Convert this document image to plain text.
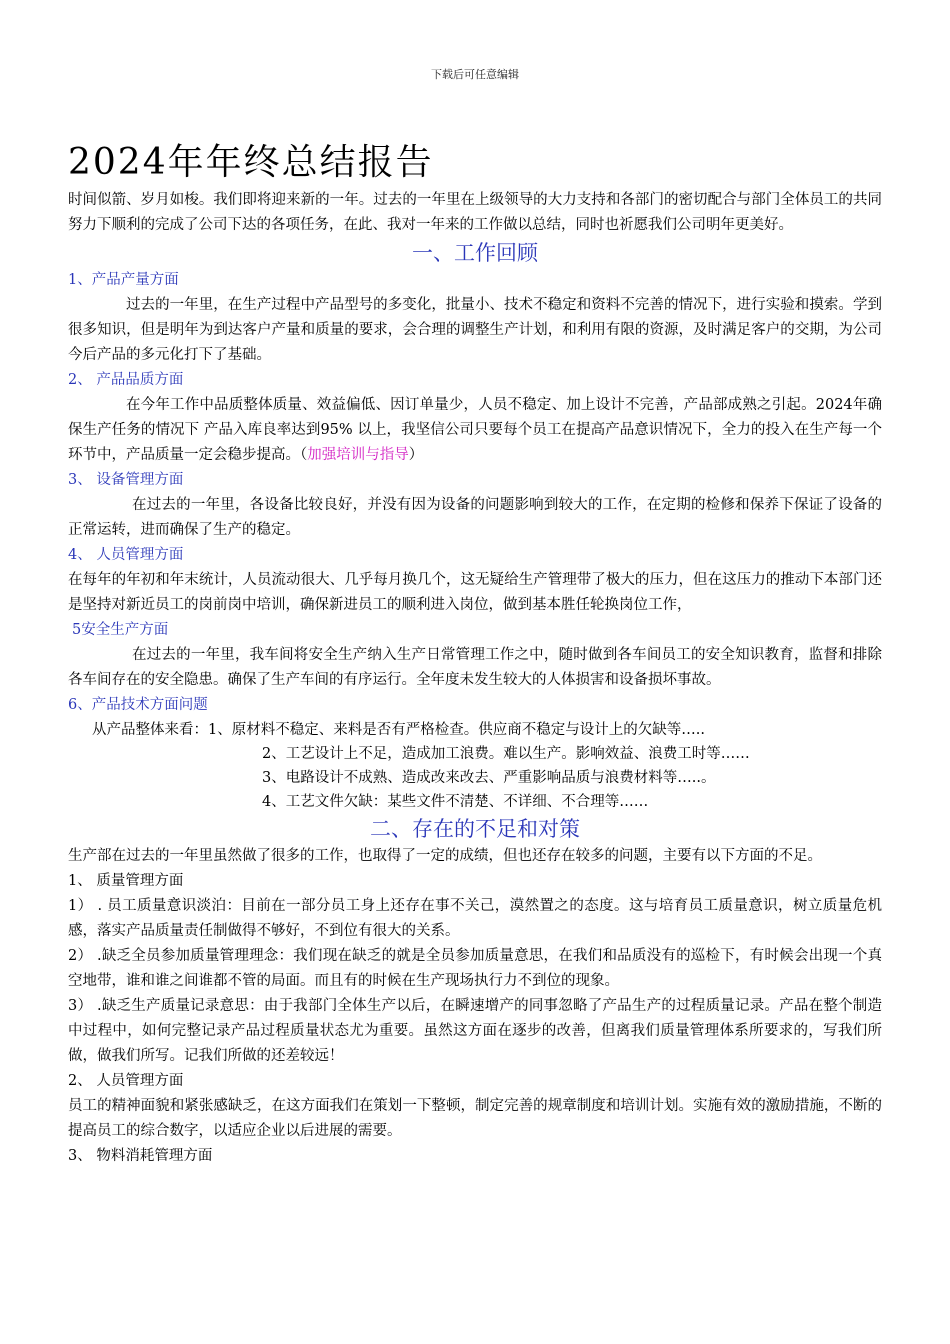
下载后可任意编辑
2024年年终总结报告

时间似箭、岁月如梭。我们即将迎来新的一年。过去的一年里在上级领导的大力支持和各部门的密切配合与部门全体员工的共同努力下顺利的完成了公司下达的各项任务，在此、我对一年来的工作做以总结，同时也祈愿我们公司明年更美好。

一、工作回顾
1、产品产量方面

过去的一年里，在生产过程中产品型号的多变化，批量小、技术不稳定和资料不完善的情况下，进行实验和摸索。学到很多知识，但是明年为到达客户产量和质量的要求，会合理的调整生产计划，和利用有限的资源，及时满足客户的交期，为公司今后产品的多元化打下了基础。

2、 产品品质方面

在今年工作中品质整体质量、效益偏低、因订单量少，人员不稳定、加上设计不完善，产品部成熟之引起。2024年确保生产任务的情况下 产品入库良率达到95% 以上，我坚信公司只要每个员工在提高产品意识情况下，全力的投入在生产每一个环节中，产品质量一定会稳步提高。（加强培训与指导）

3、 设备管理方面

在过去的一年里，各设备比较良好，并没有因为设备的问题影响到较大的工作，在定期的检修和保养下保证了设备的正常运转，进而确保了生产的稳定。

4、 人员管理方面

在每年的年初和年末统计，人员流动很大、几乎每月换几个，这无疑给生产管理带了极大的压力，但在这压力的推动下本部门还是坚持对新近员工的岗前岗中培训，确保新进员工的顺利进入岗位，做到基本胜任轮换岗位工作，

5安全生产方面

在过去的一年里，我车间将安全生产纳入生产日常管理工作之中，随时做到各车间员工的安全知识教育，监督和排除各车间存在的安全隐患。确保了生产车间的有序运行。全年度未发生较大的人体损害和设备损坏事故。

6、产品技术方面问题
从产品整体来看：1、原材料不稳定、来料是否有严格检查。供应商不稳定与设计上的欠缺等…..
2、工艺设计上不足，造成加工浪费。难以生产。影响效益、浪费工时等……
3、电路设计不成熟、造成改来改去、严重影响品质与浪费材料等…..。
4、工艺文件欠缺：某些文件不清楚、不详细、不合理等……
二、存在的不足和对策

生产部在过去的一年里虽然做了很多的工作，也取得了一定的成绩，但也还存在较多的问题，主要有以下方面的不足。

1、 质量管理方面

1） . 员工质量意识淡泊：目前在一部分员工身上还存在事不关己，漠然置之的态度。这与培育员工质量意识，树立质量危机感，落实产品质量责任制做得不够好，不到位有很大的关系。

2） .缺乏全员参加质量管理理念：我们现在缺乏的就是全员参加质量意思，在我们和品质没有的巡检下，有时候会出现一个真空地带，谁和谁之间谁都不管的局面。而且有的时候在生产现场执行力不到位的现象。

3） .缺乏生产质量记录意思：由于我部门全体生产以后，在瞬速增产的同事忽略了产品生产的过程质量记录。产品在整个制造中过程中，如何完整记录产品过程质量状态尤为重要。虽然这方面在逐步的改善，但离我们质量管理体系所要求的，写我们所做，做我们所写。记我们所做的还差较远！

2、 人员管理方面

员工的精神面貌和紧张感缺乏，在这方面我们在策划一下整顿，制定完善的规章制度和培训计划。实施有效的激励措施，不断的提高员工的综合数字，以适应企业以后进展的需要。

3、 物料消耗管理方面
